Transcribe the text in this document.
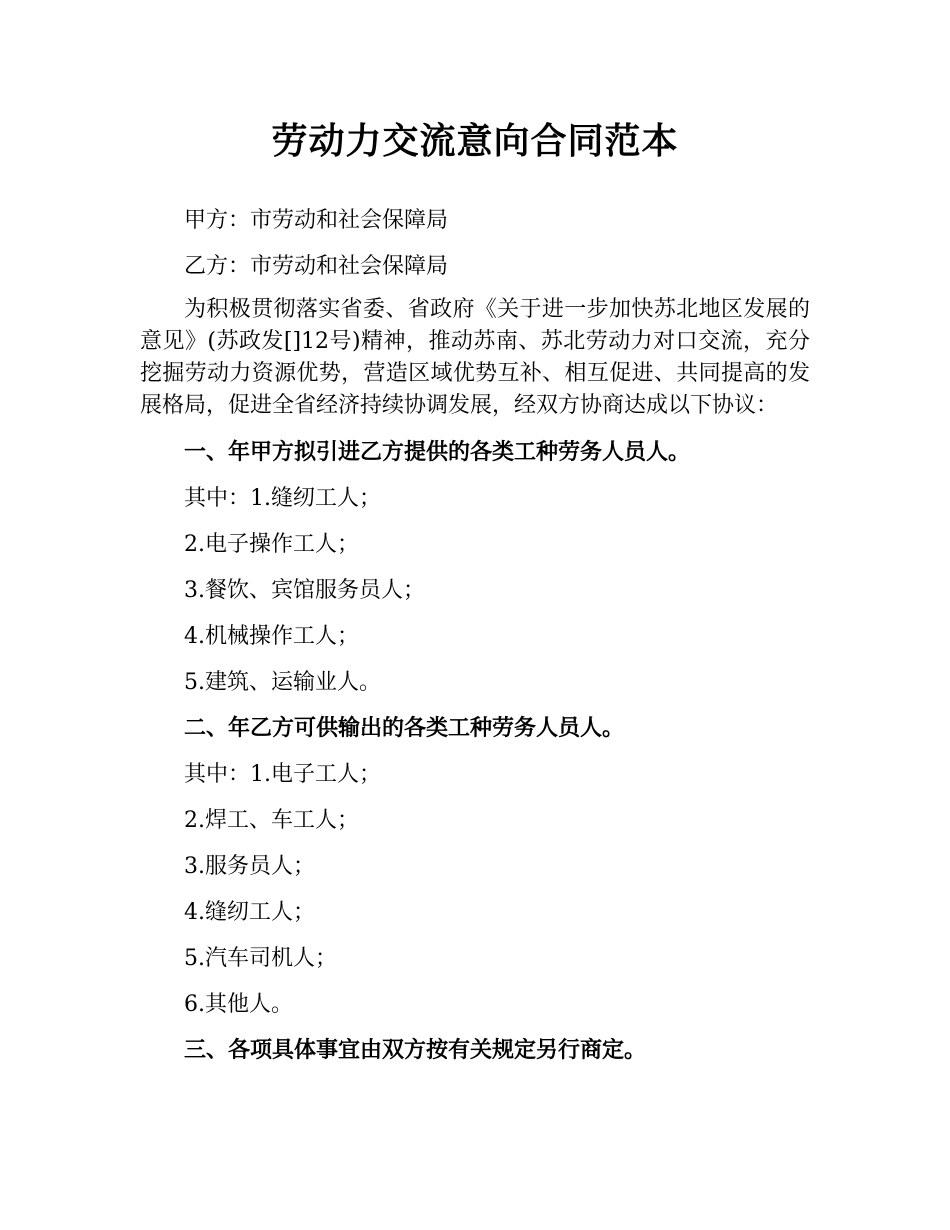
劳动力交流意向合同范本

甲方：市劳动和社会保障局

乙方：市劳动和社会保障局

为积极贯彻落实省委、省政府《关于进一步加快苏北地区发展的意见》(苏政发[]12号)精神，推动苏南、苏北劳动力对口交流，充分挖掘劳动力资源优势，营造区域优势互补、相互促进、共同提高的发展格局，促进全省经济持续协调发展，经双方协商达成以下协议：

一、年甲方拟引进乙方提供的各类工种劳务人员人。

其中：1.缝纫工人；

2.电子操作工人；

3.餐饮、宾馆服务员人；

4.机械操作工人；

5.建筑、运输业人。

二、年乙方可供输出的各类工种劳务人员人。

其中：1.电子工人；

2.焊工、车工人；

3.服务员人；

4.缝纫工人；

5.汽车司机人；

6.其他人。

三、各项具体事宜由双方按有关规定另行商定。
